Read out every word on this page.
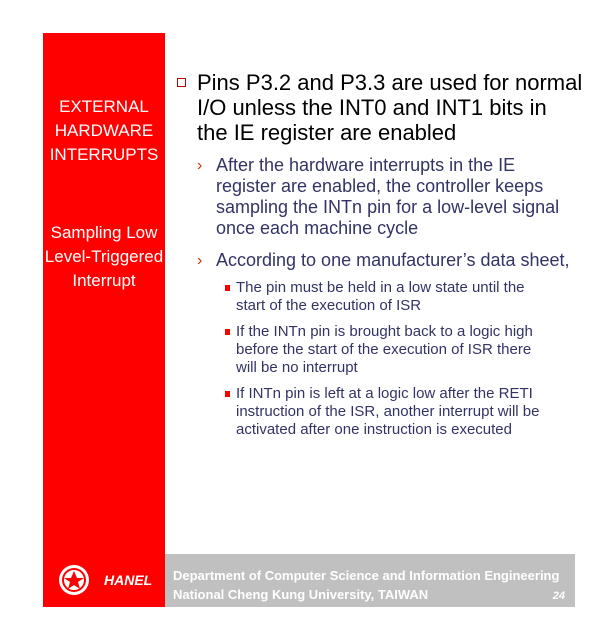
EXTERNAL
HARDWARE
INTERRUPTS
Sampling Low
Level-Triggered
Interrupt
Pins P3.2 and P3.3 are used for normal
I/O unless the INT0 and INT1 bits in
the IE register are enabled
› After the hardware interrupts in the IE
register are enabled, the controller keeps
sampling the INTn pin for a low-level signal
once each machine cycle
› According to one manufacturer’s data sheet,
The pin must be held in a low state until the
start of the execution of ISR
If the INTn pin is brought back to a logic high
before the start of the execution of ISR there
will be no interrupt
If INTn pin is left at a logic low after the RETI
instruction of the ISR, another interrupt will be
activated after one instruction is executed
HANEL Department of Computer Science and Information Engineering
National Cheng Kung University, TAIWAN	24
